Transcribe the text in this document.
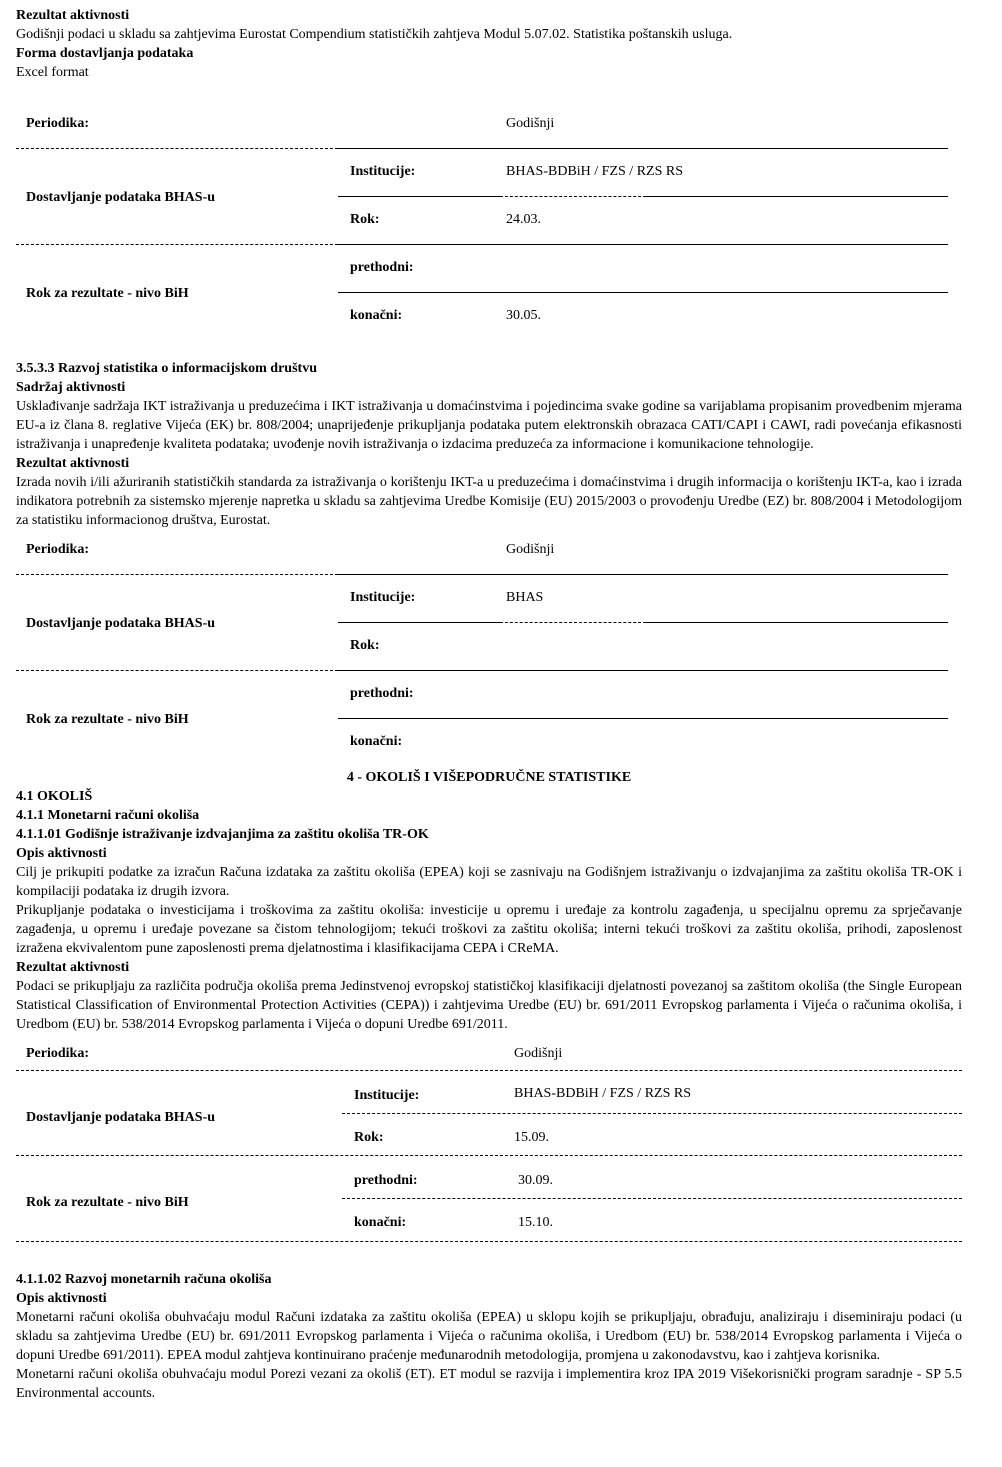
Rezultat aktivnosti

Godišnji podaci u skladu sa zahtjevima Eurostat Compendium statističkih zahtjeva Modul 5.07.02. Statistika poštanskih usluga.

Forma dostavljanja podataka

Excel format

Periodika:	Godišnji
Institucije:	BHAS-BDBiH / FZS / RZS RS
Dostavljanje podataka BHAS-u
Rok:	24.03.
prethodni:
Rok za rezultate - nivo BiH
konačni:	30.05.

3.5.3.3 Razvoj statistika o informacijskom društvu

Sadržaj aktivnosti

Usklađivanje sadržaja IKT istraživanja u preduzećima i IKT istraživanja u domaćinstvima i pojedincima svake godine sa varijablama propisanim provedbenim mjerama EU-a iz člana 8. reglative Vijeća (EK) br. 808/2004; unaprijeđenje prikupljanja podataka putem elektronskih obrazaca CATI/CAPI i CAWI, radi povećanja efikasnosti istraživanja i unapređenje kvaliteta podataka; uvođenje novih istraživanja o izdacima preduzeća za informacione i komunikacione tehnologije.

Rezultat aktivnosti

Izrada novih i/ili ažuriranih statističkih standarda za istraživanja o korištenju IKT-a u preduzećima i domaćinstvima i drugih informacija o korištenju IKT-a, kao i izrada indikatora potrebnih za sistemsko mjerenje napretka u skladu sa zahtjevima Uredbe Komisije (EU) 2015/2003 o provođenju Uredbe (EZ) br. 808/2004 i Metodologijom za statistiku informacionog društva, Eurostat.

Periodika:	Godišnji
Institucije:	BHAS
Dostavljanje podataka BHAS-u
Rok:
prethodni:
Rok za rezultate - nivo BiH
konačni:

4 - OKOLIŠ I VIŠEPODRUČNE STATISTIKE

4.1 OKOLIŠ

4.1.1 Monetarni računi okoliša

4.1.1.01 Godišnje istraživanje izdvajanjima za zaštitu okoliša TR-OK

Opis aktivnosti

Cilj je prikupiti podatke za izračun Računa izdataka za zaštitu okoliša (EPEA) koji se zasnivaju na Godišnjem istraživanju o izdvajanjima za zaštitu okoliša TR-OK i kompilaciji podataka iz drugih izvora.

Prikupljanje podataka o investicijama i troškovima za zaštitu okoliša: investicije u opremu i uređaje za kontrolu zagađenja, u specijalnu opremu za sprječavanje zagađenja, u opremu i uređaje povezane sa čistom tehnologijom; tekući troškovi za zaštitu okoliša; interni tekući troškovi za zaštitu okoliša, prihodi, zaposlenost izražena ekvivalentom pune zaposlenosti prema djelatnostima i klasifikacijama CEPA i CReMA.

Rezultat aktivnosti

Podaci se prikupljaju za različita područja okoliša prema Jedinstvenoj evropskoj statističkoj klasifikaciji djelatnosti povezanoj sa zaštitom okoliša (the Single European Statistical Classification of Environmental Protection Activities (CEPA)) i zahtjevima Uredbe (EU) br. 691/2011 Evropskog parlamenta i Vijeća o računima okoliša, i Uredbom (EU) br. 538/2014 Evropskog parlamenta i Vijeća o dopuni Uredbe 691/2011.

Periodika:	Godišnji
Institucije:	BHAS-BDBiH / FZS / RZS RS
Dostavljanje podataka BHAS-u
Rok:	15.09.
prethodni:	30.09.
Rok za rezultate - nivo BiH
konačni:	15.10.

4.1.1.02 Razvoj monetarnih računa okoliša

Opis aktivnosti

Monetarni računi okoliša obuhvaćaju modul Računi izdataka za zaštitu okoliša (EPEA) u sklopu kojih se prikupljaju, obrađuju, analiziraju i diseminiraju podaci (u skladu sa zahtjevima Uredbe (EU) br. 691/2011 Evropskog parlamenta i Vijeća o računima okoliša, i Uredbom (EU) br. 538/2014 Evropskog parlamenta i Vijeća o dopuni Uredbe 691/2011). EPEA modul zahtjeva kontinuirano praćenje međunarodnih metodologija, promjena u zakonodavstvu, kao i zahtjeva korisnika.

Monetarni računi okoliša obuhvaćaju modul Porezi vezani za okoliš (ET). ET modul se razvija i implementira kroz IPA 2019 Višekorisnički program saradnje - SP 5.5 Environmental accounts.
